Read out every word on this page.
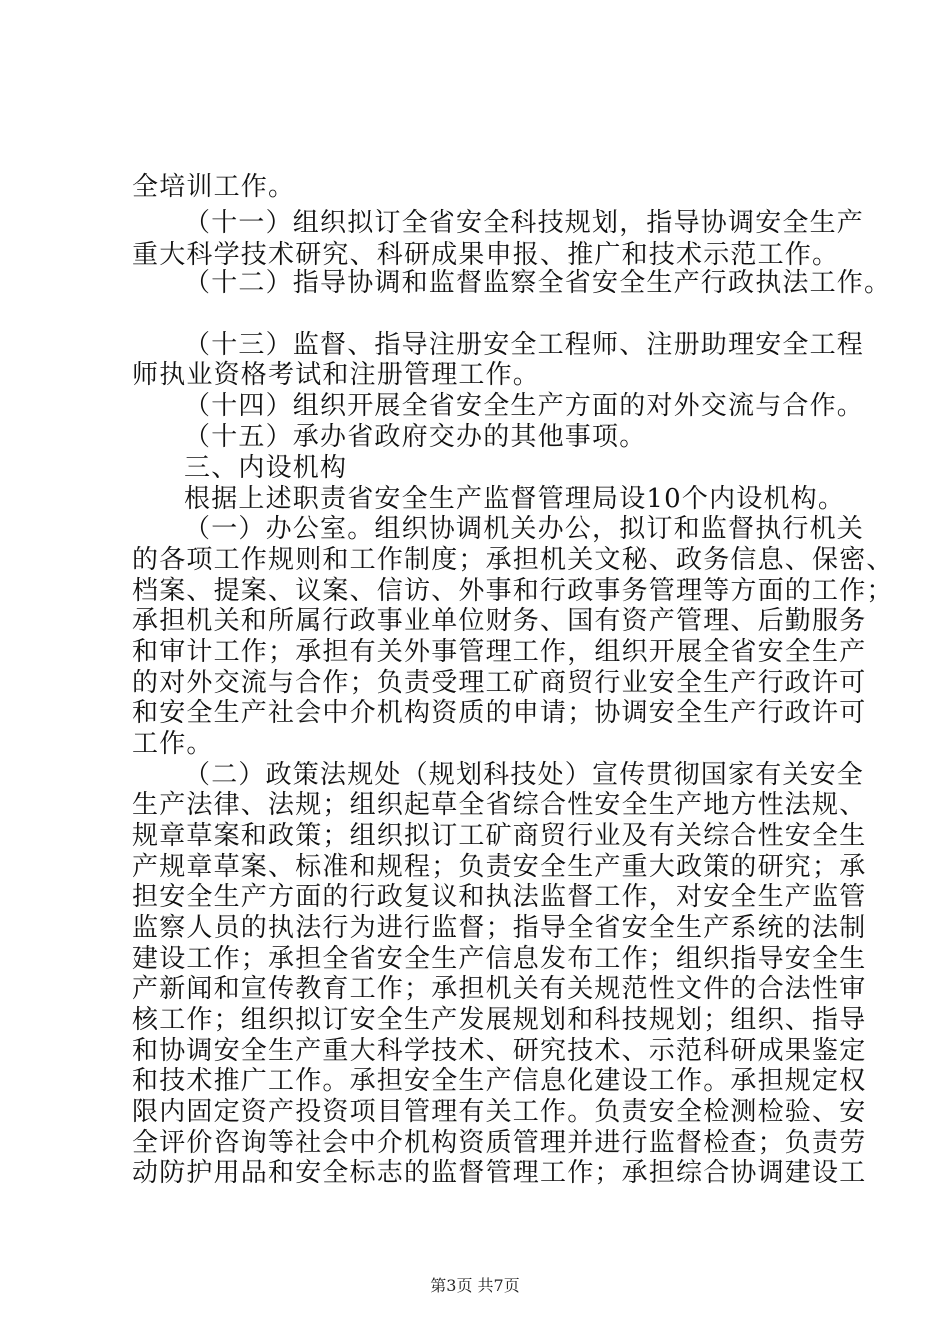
全培训工作。
（十一）组织拟订全省安全科技规划，指导协调安全生产
重大科学技术研究、科研成果申报、推广和技术示范工作。
（十二）指导协调和监督监察全省安全生产行政执法工作。
（十三）监督、指导注册安全工程师、注册助理安全工程
师执业资格考试和注册管理工作。
（十四）组织开展全省安全生产方面的对外交流与合作。
（十五）承办省政府交办的其他事项。
三、内设机构
根据上述职责省安全生产监督管理局设10个内设机构。
（一）办公室。组织协调机关办公，拟订和监督执行机关
的各项工作规则和工作制度；承担机关文秘、政务信息、保密、
档案、提案、议案、信访、外事和行政事务管理等方面的工作；
承担机关和所属行政事业单位财务、国有资产管理、后勤服务
和审计工作；承担有关外事管理工作，组织开展全省安全生产
的对外交流与合作；负责受理工矿商贸行业安全生产行政许可
和安全生产社会中介机构资质的申请；协调安全生产行政许可
工作。
（二）政策法规处（规划科技处）宣传贯彻国家有关安全
生产法律、法规；组织起草全省综合性安全生产地方性法规、
规章草案和政策；组织拟订工矿商贸行业及有关综合性安全生
产规章草案、标准和规程；负责安全生产重大政策的研究；承
担安全生产方面的行政复议和执法监督工作，对安全生产监管
监察人员的执法行为进行监督；指导全省安全生产系统的法制
建设工作；承担全省安全生产信息发布工作；组织指导安全生
产新闻和宣传教育工作；承担机关有关规范性文件的合法性审
核工作；组织拟订安全生产发展规划和科技规划；组织、指导
和协调安全生产重大科学技术、研究技术、示范科研成果鉴定
和技术推广工作。承担安全生产信息化建设工作。承担规定权
限内固定资产投资项目管理有关工作。负责安全检测检验、安
全评价咨询等社会中介机构资质管理并进行监督检查；负责劳
动防护用品和安全标志的监督管理工作；承担综合协调建设工
第3页 共7页
